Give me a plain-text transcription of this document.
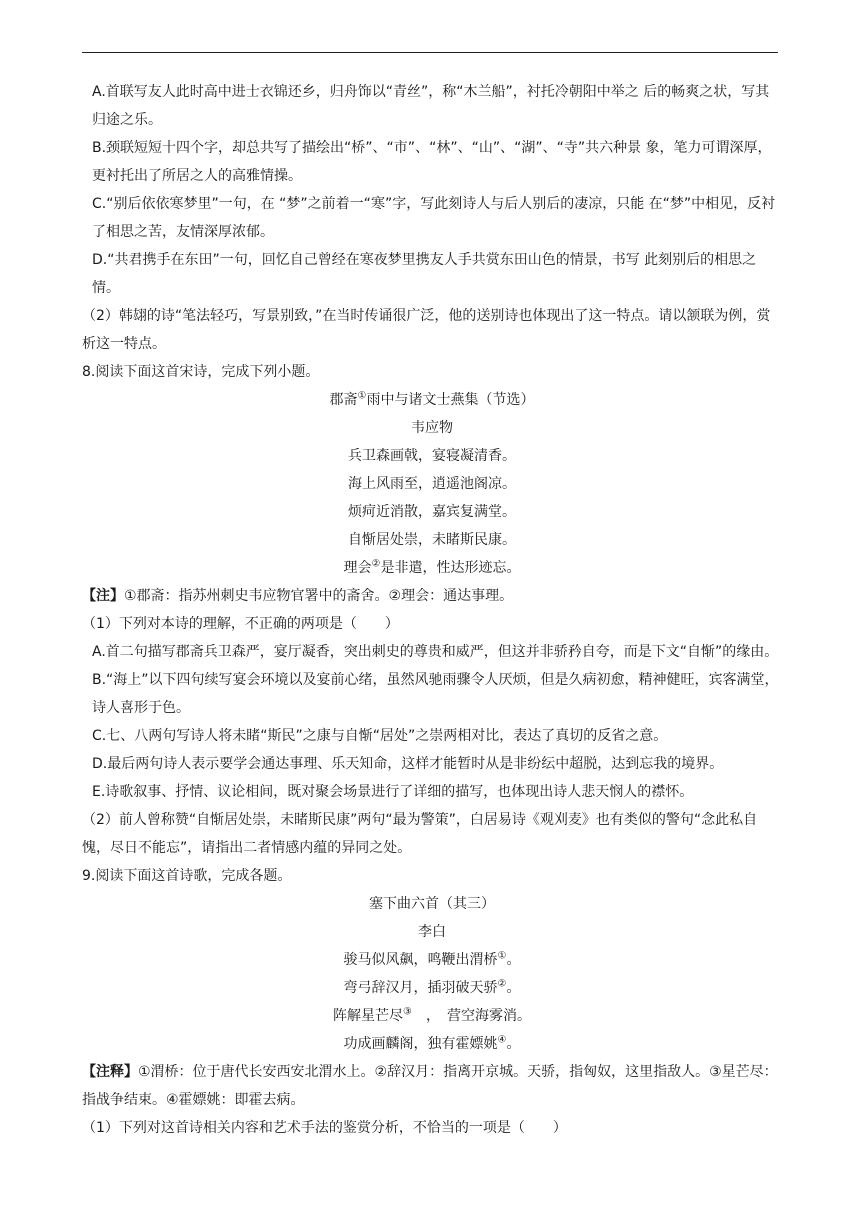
A.首联写友人此时高中进士衣锦还乡，归舟饰以“青丝”，称“木兰船”，衬托冷朝阳中举之 后的畅爽之状，写其归途之乐。

B.颈联短短十四个字，却总共写了描绘出“桥”、“市”、“林”、“山”、“湖”、“寺”共六种景 象，笔力可谓深厚，更衬托出了所居之人的高雅情操。

C.“别后依依寒梦里”一句，在 “梦”之前着一“寒”字，写此刻诗人与后人别后的凄凉，只能 在“梦”中相见，反衬了相思之苦，友情深厚浓郁。

D.“共君携手在东田”一句，回忆自己曾经在寒夜梦里携友人手共赏东田山色的情景，书写 此刻别后的相思之情。

（2）韩翃的诗“笔法轻巧，写景别致，”在当时传诵很广泛，他的送别诗也体现出了这一特点。请以颔联为例，赏析这一特点。

8.阅读下面这首宋诗，完成下列小题。

郡斋①雨中与诸文士燕集（节选）

韦应物

兵卫森画戟，宴寝凝清香。

海上风雨至，逍遥池阁凉。

烦疴近消散，嘉宾复满堂。

自惭居处崇，未睹斯民康。

理会②是非遣，性达形迹忘。

【注】①郡斋：指苏州刺史韦应物官署中的斋舍。②理会：通达事理。

（1）下列对本诗的理解，不正确的两项是（　　）

A.首二句描写郡斋兵卫森严，宴厅凝香，突出刺史的尊贵和威严，但这并非骄矜自夸，而是下文“自惭”的缘由。

B.“海上”以下四句续写宴会环境以及宴前心绪，虽然风驰雨骤令人厌烦，但是久病初愈，精神健旺，宾客满堂，诗人喜形于色。

C.七、八两句写诗人将未睹“斯民”之康与自惭“居处”之崇两相对比，表达了真切的反省之意。

D.最后两句诗人表示要学会通达事理、乐天知命，这样才能暂时从是非纷纭中超脱，达到忘我的境界。

E.诗歌叙事、抒情、议论相间，既对聚会场景进行了详细的描写，也体现出诗人悲天悯人的襟怀。

（2）前人曾称赞“自惭居处崇，未睹斯民康”两句“最为警策”，白居易诗《观刈麦》也有类似的警句“念此私自愧，尽日不能忘”，请指出二者情感内蕴的异同之处。

9.阅读下面这首诗歌，完成各题。

塞下曲六首（其三）

李白

骏马似风飙，鸣鞭出渭桥①。

弯弓辞汉月，插羽破天骄②。

阵解星芒尽③　，　营空海雾消。

功成画麟阁，独有霍嫖姚④。

【注释】①渭桥：位于唐代长安西安北渭水上。②辞汉月：指离开京城。天骄，指匈奴，这里指敌人。③星芒尽：指战争结束。④霍嫖姚：即霍去病。

（1）下列对这首诗相关内容和艺术手法的鉴赏分析，不恰当的一项是（　　）
